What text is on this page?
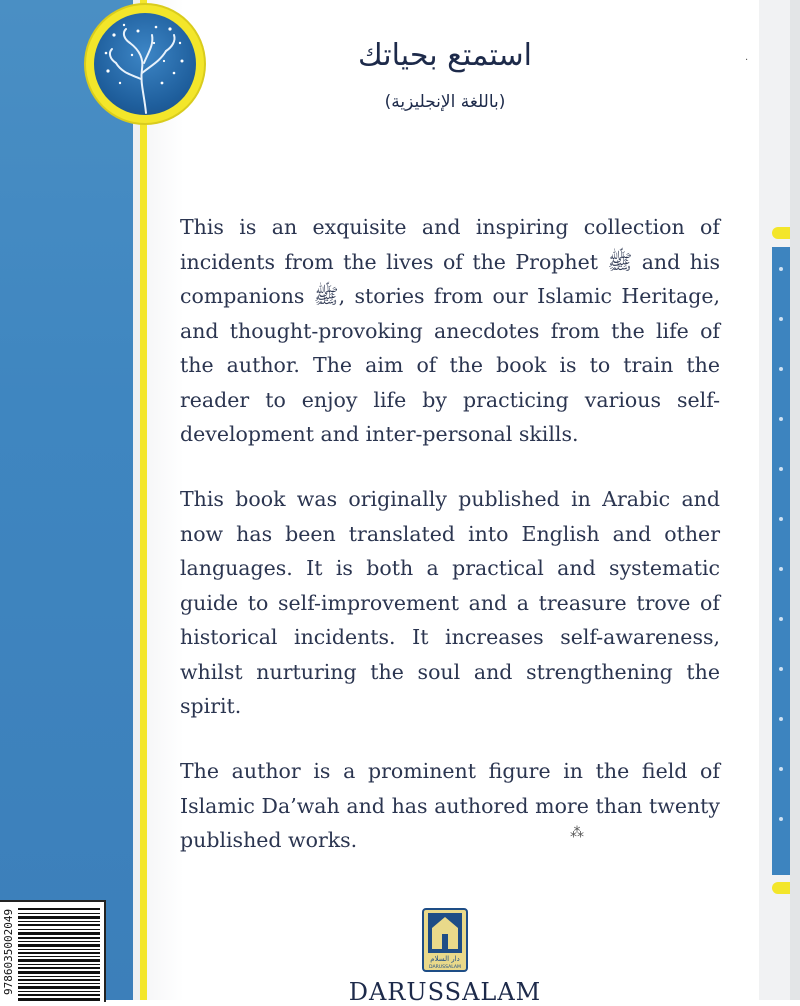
استمتع بحياتك
(باللغة الإنجليزية)
This is an exquisite and inspiring collection of incidents from the lives of the Prophet ﷺ and his companions ﷺ, stories from our Islamic Heritage, and thought-provoking anecdotes from the life of the author. The aim of the book is to train the reader to enjoy life by practicing various self-development and inter-personal skills.
This book was originally published in Arabic and now has been translated into English and other languages. It is both a practical and systematic guide to self-improvement and a treasure trove of historical incidents. It increases self-awareness, whilst nurturing the soul and strengthening the spirit.
The author is a prominent figure in the field of Islamic Da’wah and has authored more than twenty published works.
·
⁂
دار السلام
DARUSSALAM
DARUSSALAM
9786035002049
